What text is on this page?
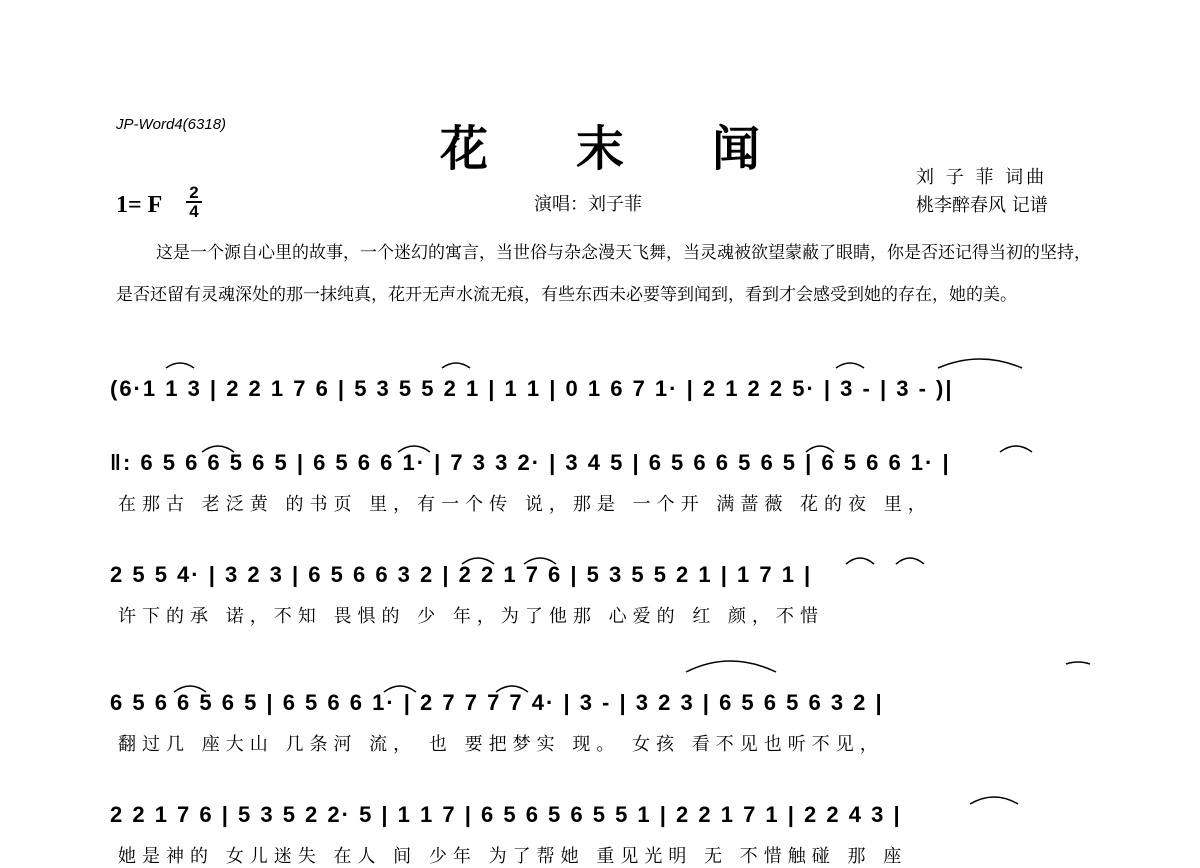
JP-Word4(6318)	花末闻
1= F 2
4	演唱：刘子菲
刘 子 菲 词曲
桃李醉春风 记谱
这是一个源自心里的故事，一个迷幻的寓言，当世俗与杂念漫天飞舞，当灵魂被欲望蒙蔽了眼睛，你是否还记得当初的坚持，是否还留有灵魂深处的那一抹纯真，花开无声水流无痕，有些东西未必要等到闻到，看到才会感受到她的存在，她的美。
(6·1 1 3 | 2 2 1 7 6 | 5 3 5 5 2 1 | 1 1 | 0 1 6 7 1· | 2 1 2 2 5· | 3 - | 3 - )|
‖: 6 5 6 6 5 6 5 | 6 5 6 6 1· | 7 3 3 2· | 3 4 5 | 6 5 6 6 5 6 5 | 6 5 6 6 1· |
在那古 老泛黄 的书页 里，有一个传 说，那是 一个开 满蔷薇 花的夜 里，
2 5 5 4· | 3 2 3 | 6 5 6 6 3 2 | 2 2 1 7 6 | 5 3 5 5 2 1 | 1 7 1 |
许下的承 诺，不知 畏惧的 少 年，为了他那 心爱的 红 颜，不惜
6 5 6 6 5 6 5 | 6 5 6 6 1· | 2 7 7 7 7 4· | 3 - | 3 2 3 | 6 5 6 5 6 3 2 |
翻过几 座大山 几条河 流， 也 要把梦实 现。 女孩 看不见也听不见，
2 2 1 7 6 | 5 3 5 2 2· 5 | 1 1 7 | 6 5 6 5 6 5 5 1 | 2 2 1 7 1 | 2 2 4 3 |
她是神的 女儿迷失 在人 间 少年 为了帮她 重见光明 无 不惜触碰 那 座
